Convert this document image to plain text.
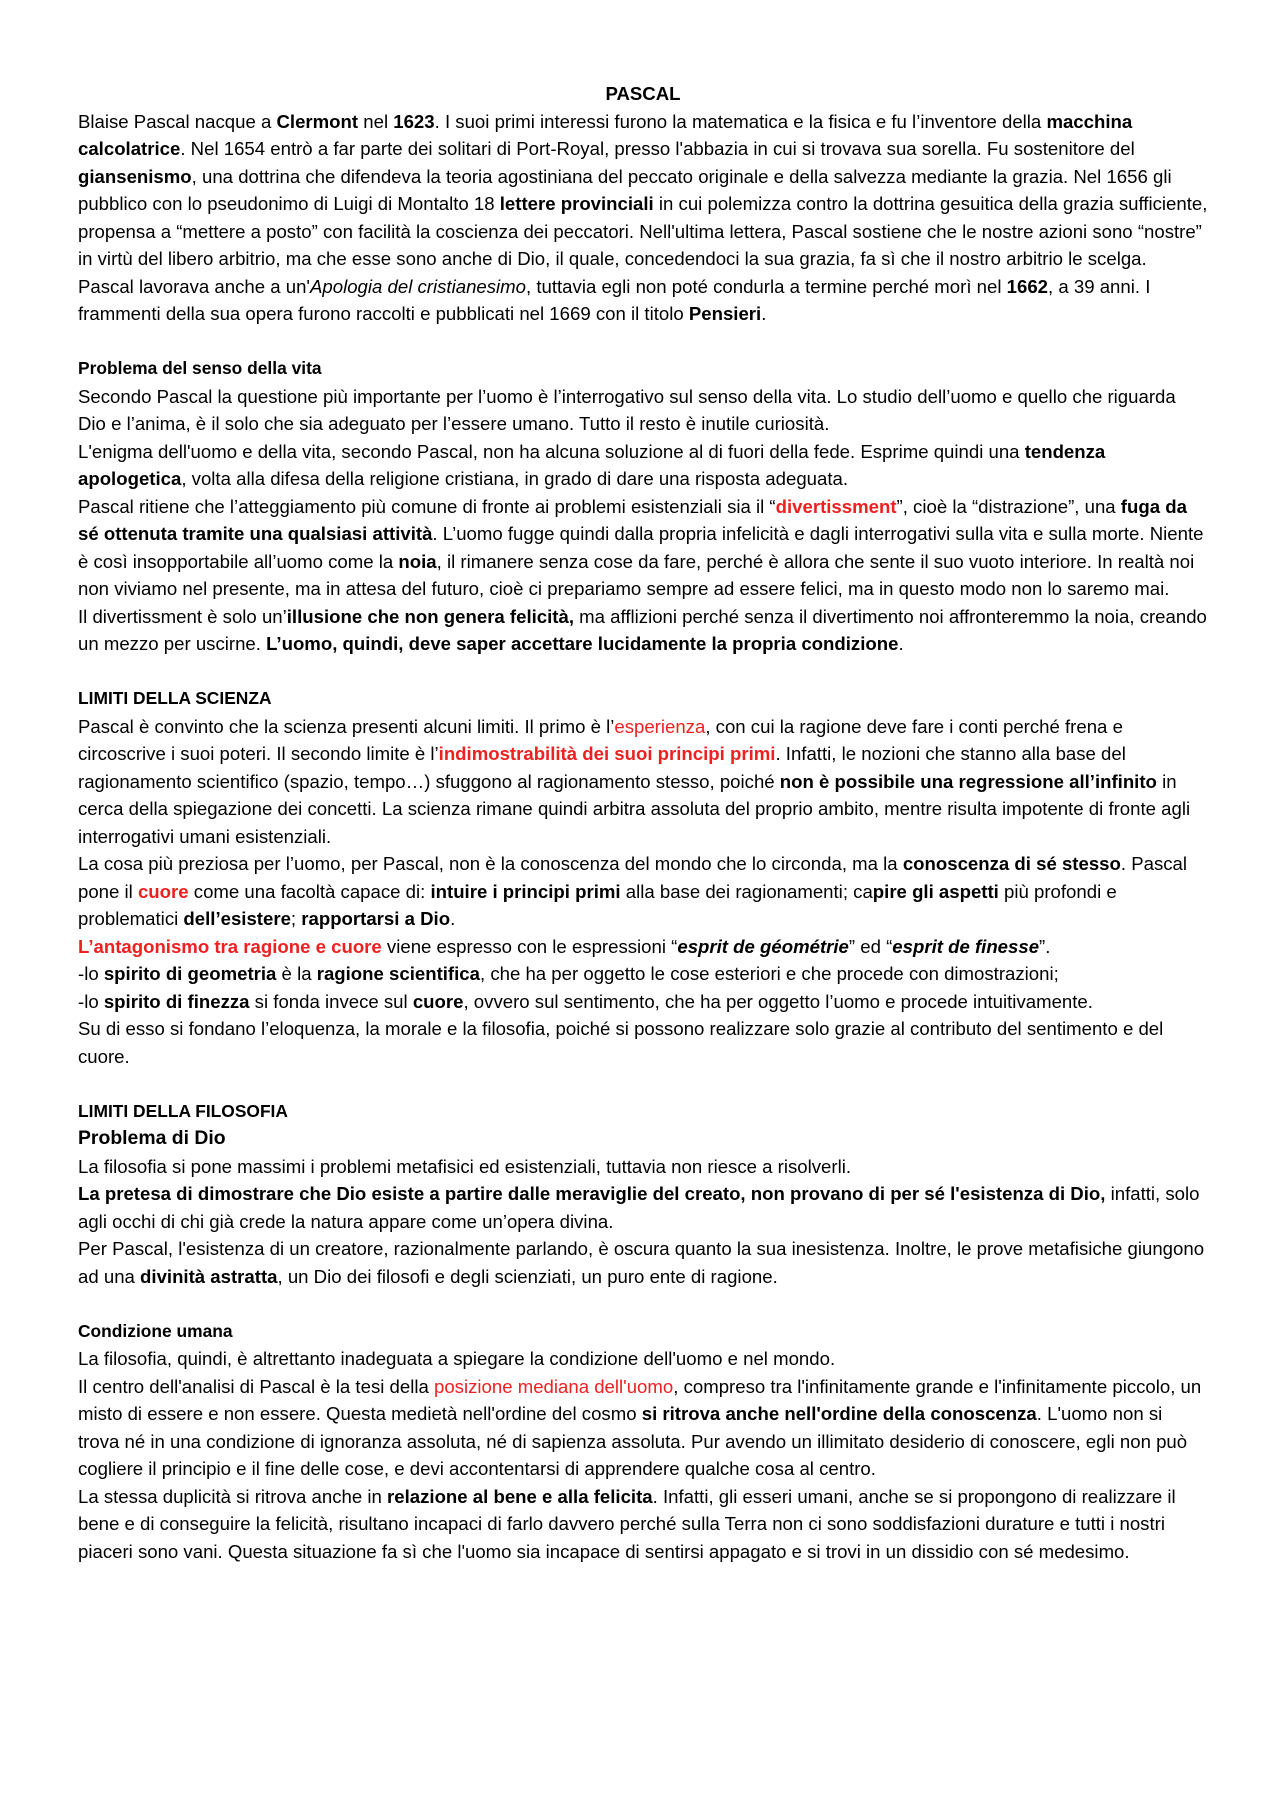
PASCAL

Blaise Pascal nacque a Clermont nel 1623. I suoi primi interessi furono la matematica e la fisica e fu l’inventore della macchina calcolatrice. Nel 1654 entrò a far parte dei solitari di Port-Royal, presso l'abbazia in cui si trovava sua sorella. Fu sostenitore del giansenismo, una dottrina che difendeva la teoria agostiniana del peccato originale e della salvezza mediante la grazia. Nel 1656 gli pubblico con lo pseudonimo di Luigi di Montalto 18 lettere provinciali in cui polemizza contro la dottrina gesuitica della grazia sufficiente, propensa a “mettere a posto” con facilità la coscienza dei peccatori. Nell'ultima lettera, Pascal sostiene che le nostre azioni sono “nostre” in virtù del libero arbitrio, ma che esse sono anche di Dio, il quale, concedendoci la sua grazia, fa sì che il nostro arbitrio le scelga.

Pascal lavorava anche a un'Apologia del cristianesimo, tuttavia egli non poté condurla a termine perché morì nel 1662, a 39 anni. I frammenti della sua opera furono raccolti e pubblicati nel 1669 con il titolo Pensieri.

Problema del senso della vita

Secondo Pascal la questione più importante per l’uomo è l’interrogativo sul senso della vita. Lo studio dell’uomo e quello che riguarda Dio e l’anima, è il solo che sia adeguato per l’essere umano. Tutto il resto è inutile curiosità.

L'enigma dell'uomo e della vita, secondo Pascal, non ha alcuna soluzione al di fuori della fede. Esprime quindi una tendenza apologetica, volta alla difesa della religione cristiana, in grado di dare una risposta adeguata.

Pascal ritiene che l’atteggiamento più comune di fronte ai problemi esistenziali sia il “divertissment”, cioè la “distrazione”, una fuga da sé ottenuta tramite una qualsiasi attività. L’uomo fugge quindi dalla propria infelicità e dagli interrogativi sulla vita e sulla morte. Niente è così insopportabile all’uomo come la noia, il rimanere senza cose da fare, perché è allora che sente il suo vuoto interiore. In realtà noi non viviamo nel presente, ma in attesa del futuro, cioè ci prepariamo sempre ad essere felici, ma in questo modo non lo saremo mai.

Il divertissment è solo un’illusione che non genera felicità, ma afflizioni perché senza il divertimento noi affronteremmo la noia, creando un mezzo per uscirne. L’uomo, quindi, deve saper accettare lucidamente la propria condizione.

LIMITI DELLA SCIENZA

Pascal è convinto che la scienza presenti alcuni limiti. Il primo è l’esperienza, con cui la ragione deve fare i conti perché frena e circoscrive i suoi poteri. Il secondo limite è l’indimostrabilità dei suoi principi primi. Infatti, le nozioni che stanno alla base del ragionamento scientifico (spazio, tempo…) sfuggono al ragionamento stesso, poiché non è possibile una regressione all’infinito in cerca della spiegazione dei concetti. La scienza rimane quindi arbitra assoluta del proprio ambito, mentre risulta impotente di fronte agli interrogativi umani esistenziali.

La cosa più preziosa per l’uomo, per Pascal, non è la conoscenza del mondo che lo circonda, ma la conoscenza di sé stesso. Pascal pone il cuore come una facoltà capace di: intuire i principi primi alla base dei ragionamenti; capire gli aspetti più profondi e problematici dell’esistere; rapportarsi a Dio.

L’antagonismo tra ragione e cuore viene espresso con le espressioni “esprit de géométrie” ed “esprit de finesse”.

-lo spirito di geometria è la ragione scientifica, che ha per oggetto le cose esteriori e che procede con dimostrazioni;

-lo spirito di finezza si fonda invece sul cuore, ovvero sul sentimento, che ha per oggetto l’uomo e procede intuitivamente.

Su di esso si fondano l’eloquenza, la morale e la filosofia, poiché si possono realizzare solo grazie al contributo del sentimento e del cuore.

LIMITI DELLA FILOSOFIA

Problema di Dio

La filosofia si pone massimi i problemi metafisici ed esistenziali, tuttavia non riesce a risolverli.

La pretesa di dimostrare che Dio esiste a partire dalle meraviglie del creato, non provano di per sé l'esistenza di Dio, infatti, solo agli occhi di chi già crede la natura appare come un’opera divina.

Per Pascal, l'esistenza di un creatore, razionalmente parlando, è oscura quanto la sua inesistenza. Inoltre, le prove metafisiche giungono ad una divinità astratta, un Dio dei filosofi e degli scienziati, un puro ente di ragione.

Condizione umana

La filosofia, quindi, è altrettanto inadeguata a spiegare la condizione dell'uomo e nel mondo.

Il centro dell'analisi di Pascal è la tesi della posizione mediana dell'uomo, compreso tra l'infinitamente grande e l'infinitamente piccolo, un misto di essere e non essere. Questa medietà nell'ordine del cosmo si ritrova anche nell'ordine della conoscenza. L'uomo non si trova né in una condizione di ignoranza assoluta, né di sapienza assoluta. Pur avendo un illimitato desiderio di conoscere, egli non può cogliere il principio e il fine delle cose, e devi accontentarsi di apprendere qualche cosa al centro.

La stessa duplicità si ritrova anche in relazione al bene e alla felicita. Infatti, gli esseri umani, anche se si propongono di realizzare il bene e di conseguire la felicità, risultano incapaci di farlo davvero perché sulla Terra non ci sono soddisfazioni durature e tutti i nostri piaceri sono vani. Questa situazione fa sì che l'uomo sia incapace di sentirsi appagato e si trovi in un dissidio con sé medesimo.
